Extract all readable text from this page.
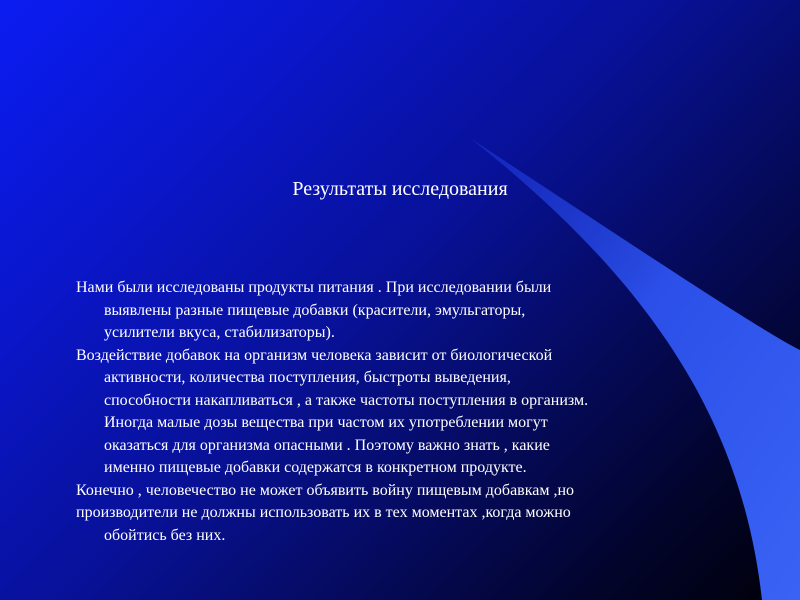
Результаты исследования

Нами были исследованы продукты питания . При исследовании были
выявлены разные пищевые добавки (красители, эмульгаторы,
усилители вкуса, стабилизаторы).

Воздействие добавок на организм человека зависит от биологической
активности, количества поступления, быстроты выведения,
способности накапливаться , а также частоты поступления в организм.
Иногда малые дозы вещества при частом их употреблении могут
оказаться для организма опасными . Поэтому важно знать , какие
именно пищевые добавки содержатся в конкретном продукте.

Конечно , человечество не может объявить войну пищевым добавкам ,но

производители не должны использовать их в тех моментах ,когда можно
обойтись без них.
